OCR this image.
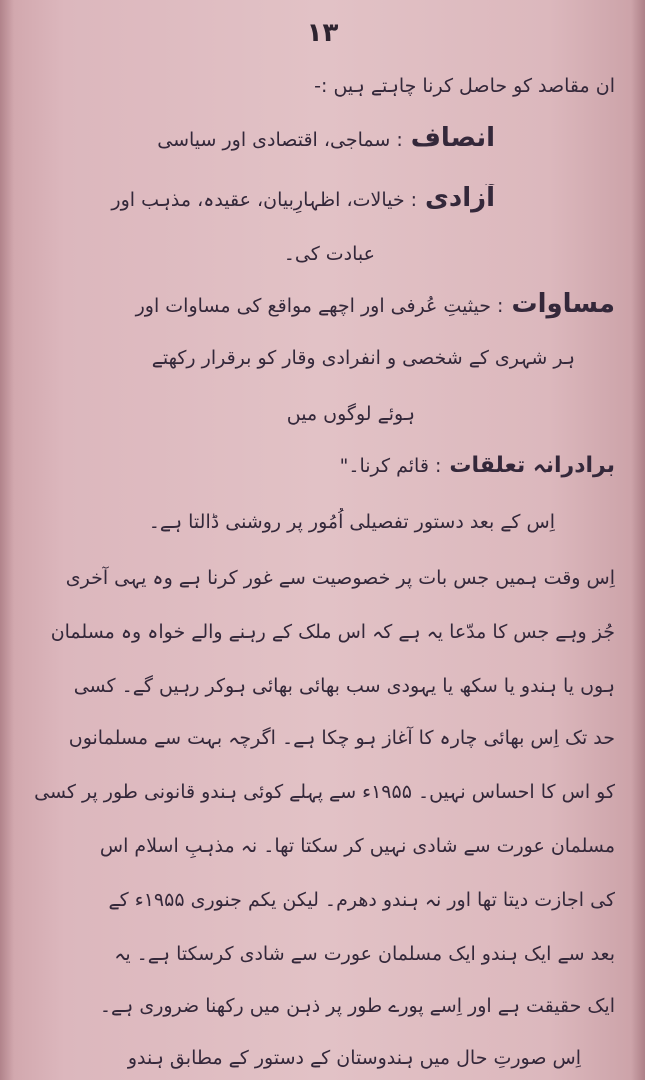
۱۳
ان مقاصد کو حاصل کرنا چاہتے ہیں :-
انصاف: سماجی، اقتصادی اور سیاسی
آزادی: خیالات، اظہارِبیان، عقیدہ، مذہب اور
عبادت کی۔
مساوات: حیثیتِ عُرفی اور اچھے مواقع کی مساوات اور
ہر شہری کے شخصی و انفرادی وقار کو برقرار رکھتے
ہوئے لوگوں میں
برادرانہ تعلقات: قائم کرنا۔"
اِس کے بعد دستور تفصیلی اُمُور پر روشنی ڈالتا ہے۔
اِس وقت ہمیں جس بات پر خصوصیت سے غور کرنا ہے وہ یہی آخری
جُز وہے جس کا مدّعا یہ ہے کہ اس ملک کے رہنے والے خواہ وہ مسلمان
ہوں یا ہندو یا سکھ یا یہودی سب بھائی بھائی ہوکر رہیں گے۔ کسی
حد تک اِس بھائی چارہ کا آغاز ہو چکا ہے۔ اگرچہ بہت سے مسلمانوں
کو اس کا احساس نہیں۔ ۱۹۵۵ء سے پہلے کوئی ہندو قانونی طور پر کسی
مسلمان عورت سے شادی نہیں کر سکتا تھا۔ نہ مذہبِ اسلام اس
کی اجازت دیتا تھا اور نہ ہندو دھرم۔ لیکن یکم جنوری ۱۹۵۵ء کے
بعد سے ایک ہندو ایک مسلمان عورت سے شادی کرسکتا ہے۔ یہ
ایک حقیقت ہے اور اِسے پورے طور پر ذہن میں رکھنا ضروری ہے۔
اِس صورتِ حال میں ہندوستان کے دستور کے مطابق ہندو
